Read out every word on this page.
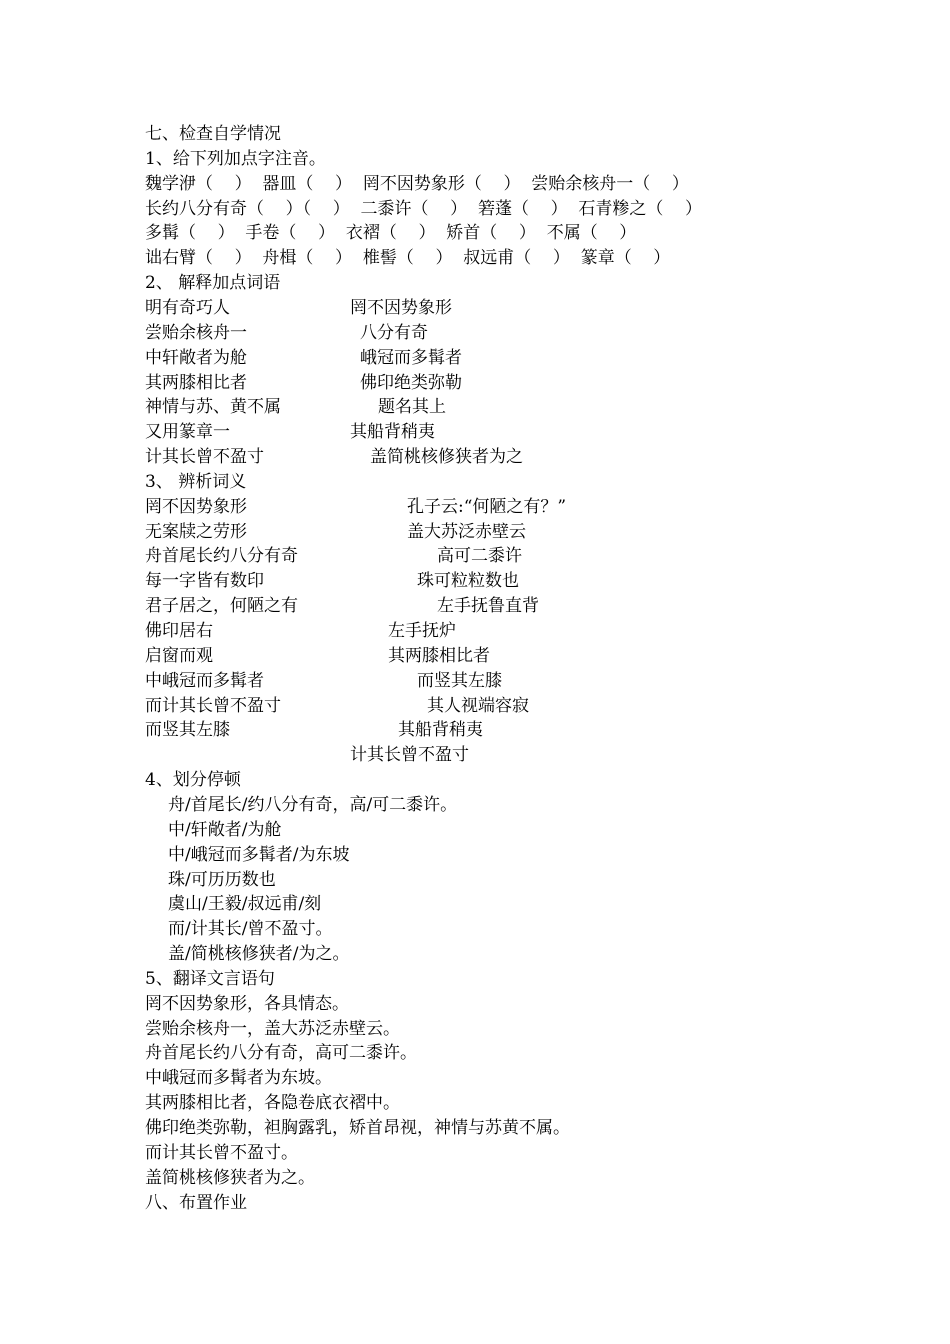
七、检查自学情况
1、给下列加点字注音。
魏学洢（    ）  器皿（    ）  罔不因势象形（    ）  尝贻余核舟一（    ）
长约八分有奇（    ）（    ）  二黍许（    ）  箬蓬（    ）  石青糁之（    ）
多髯（    ）  手卷（    ）  衣褶（    ）  矫首（    ）  不属（    ）
诎右臂（    ）  舟楫（    ）  椎髻（    ）  叔远甫（    ）  篆章（    ）
2、 解释加点词语
明有奇巧人	罔不因势象形
尝贻余核舟一	八分有奇
中轩敞者为舱	峨冠而多髯者
其两膝相比者	佛印绝类弥勒
神情与苏、黄不属	题名其上
又用篆章一	其船背稍夷
计其长曾不盈寸	盖简桃核修狭者为之
3、 辨析词义
罔不因势象形	孔子云:“何陋之有？”
无案牍之劳形	盖大苏泛赤壁云
舟首尾长约八分有奇	高可二黍许
每一字皆有数印	珠可粒粒数也
君子居之，何陋之有	左手抚鲁直背
佛印居右	左手抚炉
启窗而观	其两膝相比者
中峨冠而多髯者	而竖其左膝
而计其长曾不盈寸	其人视端容寂
而竖其左膝	其船背稍夷
计其长曾不盈寸
4、划分停顿
舟/首尾长/约八分有奇，高/可二黍许。
中/轩敞者/为舱
中/峨冠而多髯者/为东坡
珠/可历历数也
虞山/王毅/叔远甫/刻
而/计其长/曾不盈寸。
盖/简桃核修狭者/为之。
5、翻译文言语句
罔不因势象形，各具情态。
尝贻余核舟一，盖大苏泛赤壁云。
舟首尾长约八分有奇，高可二黍许。
中峨冠而多髯者为东坡。
其两膝相比者，各隐卷底衣褶中。
佛印绝类弥勒，袒胸露乳，矫首昂视，神情与苏黄不属。
而计其长曾不盈寸。
盖简桃核修狭者为之。
八、布置作业
